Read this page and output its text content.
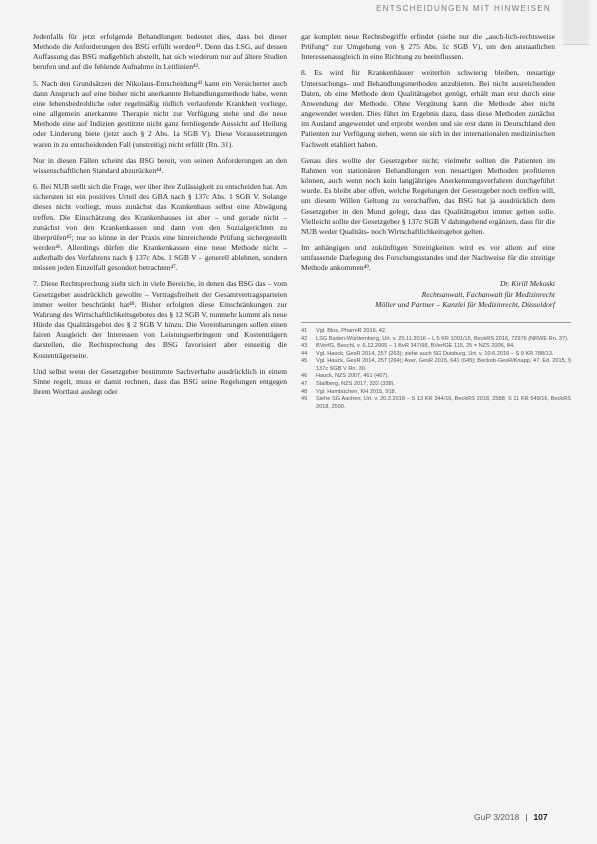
ENTSCHEIDUNGEN MIT HINWEISEN

Jedenfalls für jetzt erfolgende Behandlungen bedeutet dies, dass bei dieser Methode die Anforderungen des BSG erfüllt werden⁴¹. Denn das LSG, auf dessen Auffassung das BSG maßgeblich abstellt, hat sich wiederum nur auf ältere Studien berufen und auf die fehlende Aufnahme in Leitlinien⁴².

5. Nach den Grundsätzen der Nikolaus-Entscheidung⁴³ kann ein Versicherter auch dann Anspruch auf eine bisher nicht anerkannte Behandlungsmethode habe, wenn eine lebensbedrohliche oder regelmäßig tödlich verlaufende Krankheit vorliege, eine allgemein anerkannte Therapie nicht zur Verfügung stehe und die neue Methode eine auf Indizien gestützte nicht ganz fernliegende Aussicht auf Heilung oder Linderung biete (jetzt auch § 2 Abs. 1a SGB V). Diese Voraussetzungen waren in zu entscheidenden Fall (unstreitig) nicht erfüllt (Rn. 31).

Nur in diesen Fällen scheint das BSG bereit, von seinen Anforderungen an den wissenschaftlichen Standard abzurücken⁴⁴.

6. Bei NUB stellt sich die Frage, wer über ihre Zulässigkeit zu entscheiden hat. Am sichersten ist ein positives Urteil des GBA nach § 137c Abs. 1 SGB V. Solange dieses nicht vorliegt, muss zunächst das Krankenhaus selbst eine Abwägung treffen. Die Einschätzung des Krankenhauses ist aber – und gerade nicht – zunächst von den Krankenkassen und dann von den Sozialgerichten zu überprüfen⁴⁵; nur so könne in der Praxis eine hinreichende Prüfung sichergestellt werden⁴⁶. Allerdings dürfen die Krankenkassen eine neue Methode nicht – außerhalb des Verfahrens nach § 137c Abs. 1 SGB V – generell ablehnen, sondern müssen jeden Einzelfall gesondert betrachten⁴⁷.

7. Diese Rechtsprechung zieht sich in viele Bereiche, in denen das BSG das – vom Gesetzgeber ausdrücklich gewollte – Vertragsfreiheit der Gesamtvertragsparteien immer weiter beschränkt hat⁴⁸. Bisher erfolgten diese Einschränkungen zur Wahrung des Wirtschaftlichkeitsgebotes des § 12 SGB V, nunmehr kommt als neue Hürde das Qualitätsgebot des § 2 SGB V hinzu. Die Vereinbarungen sollen einen fairen Ausgleich der Interessen von Leistungserbringern und Kostenträgern darstellen, die Rechtsprechung des BSG favorisiert aber einseitig die Kostenträgerseite.

Und selbst wenn der Gesetzgeber bestimmte Sachverhalte ausdrücklich in einem Sinne regelt, muss er damit rechnen, dass das BSG seine Regelungen entgegen ihrem Wortlaut auslegt oder

gar komplett neue Rechtsbegriffe erfindet (siehe nur die „auch-lich-rechtsweise Prüfung“ zur Umgehung von § 275 Abs. 1c SGB V), um den anstaatlichen Interessenausgleich in eine Richtung zu beeinflussen.

8. Es wird für Krankenhäuser weiterhin schwierig bleiben, neuartige Untersuchungs- und Behandlungsmethoden anzubieten. Bei nicht ausreichenden Daten, ob eine Methode dem Qualitätsgebot genügt, erhält man erst durch eine Anwendung der Methode. Ohne Vergütung kann die Methode aber nicht angewendet werden. Dies führt im Ergebnis dazu, dass diese Methoden zunächst im Ausland angewendet und erprobt werden und sie erst dann in Deutschland den Patienten zur Verfügung stehen, wenn sie sich in der internationalen medizinischen Fachwelt etabliert haben.

Genau dies wollte der Gesetzgeber nicht; vielmehr sollten die Patienten im Rahmen von stationären Behandlungen von neuartigen Methoden profitieren können, auch wenn noch kein langjähriges Anerkennungsverfahren durchgeführt wurde. Es bleibt aber offen, welche Regelungen der Gesetzgeber noch treffen will, um diesem Willen Geltung zu verschaffen, das BSG hat ja ausdrücklich dem Gesetzgeber in den Mund gelegt, dass das Qualitätsgebot immer gelten solle. Vielleicht sollte der Gesetzgeber § 137c SGB V dahingehend ergänzen, dass für die NUB weder Qualitäts- noch Wirtschaftlichkeitsgebot gelten.

Im anhängigen und zukünftigen Streitigkeiten wird es vor allem auf eine umfassende Darlegung des Forschungsstandes und der Nachweise für die streitige Methode ankommen⁴⁹.

Dr. Kirill Mekoski
Rechtsanwalt, Fachanwalt für Medizinrecht
Möller und Partner – Kanzlei für Medizinrecht, Düsseldorf
41	Vgl. Blos, PharmR 2016, 42.
42	LSG Baden-Württemberg, Urt. v. 25.11.2016 – L 5 KR 1001/15, BeckRS 2016, 72976 (NRWE Rn. 37).
43	BVerfG, Beschl. v. 6.12.2005 – 1 BvR 347/98, BVerfGE 115, 25 = NZS 2006, 84.
44	Vgl. Hauck, GesR 2014, 257 (263); siehe auch SG Duisburg, Urt. v. 10.6.2016 – S 9 KR 788/13.
45	Vgl. Hauck, GesR 2014, 257 (264); Axer, GesR 2015, 641 (645); Beckob-GesR/Knapp, 47. Ed. 2015, § 137c SGB V Rn. 30.
46	Hauck, NZS 2007, 461 (467).
47	Stallberg, NZS 2017, 332 (338).
48	Vgl. Hambüchen, KH 2015, 918.
49	Siehe SG Aachen, Urt. v. 20.2.2018 – S 13 KR 344/16, BeckRS 2018, 2588; S 11 KR 549/16, BeckRS 2018, 2590.
GuP 3/2018 | 107
